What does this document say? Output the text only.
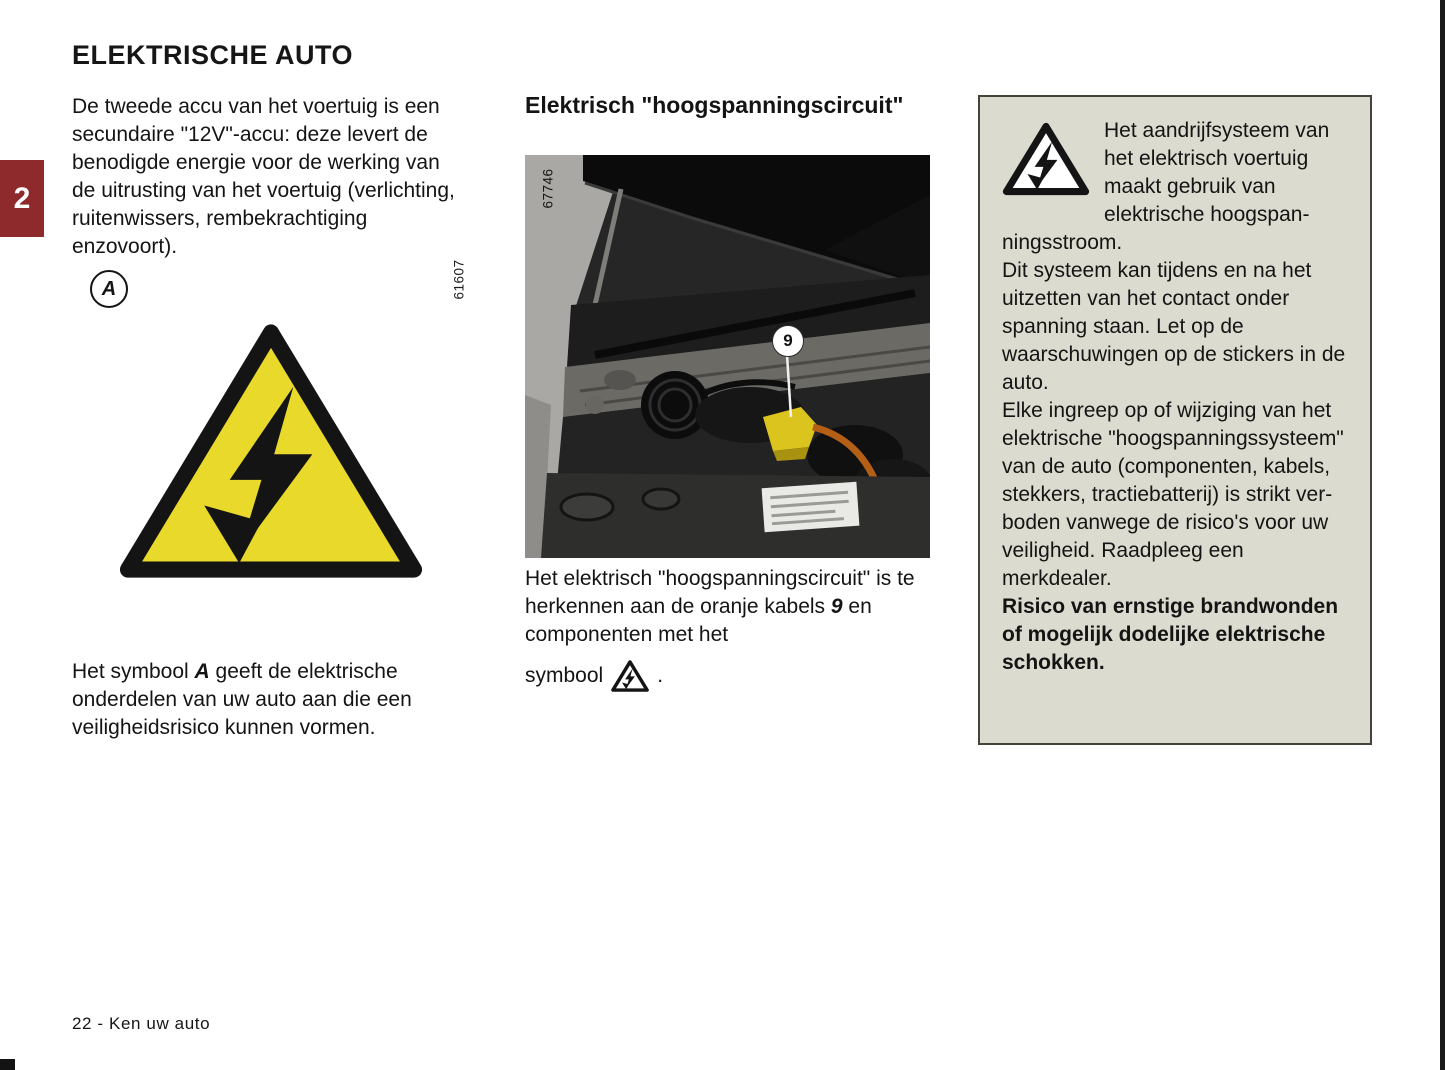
ELEKTRISCHE AUTO
2

De tweede accu van het voertuig is een secundaire "12V"-accu: deze levert de benodigde energie voor de werking van de uitrusting van het voertuig (verlichting, ruitenwissers, rembekrachtiging enzovoort).

A	61607

Het symbool A geeft de elektrische onderdelen van uw auto aan die een veiligheidsrisico kunnen vormen.

Elektrisch "hoogspanningscircuit"
67746
9

Het elektrisch "hoogspanningscircuit" is te herkennen aan de oranje kabels 9 en componenten met het
symbool	.

Het aandrijfsysteem van het elektrisch voertuig maakt gebruik van elektrische hoogspanningsstroom.

Dit systeem kan tijdens en na het uitzetten van het contact onder spanning staan. Let op de waarschuwingen op de stickers in de auto.

Elke ingreep op of wijziging van het elektrische "hoogspanningssysteem" van de auto (componenten, kabels, stekkers, tractiebatterij) is strikt verboden vanwege de risico's voor uw veiligheid. Raadpleeg een merkdealer.

Risico van ernstige brandwonden of mogelijk dodelijke elektrische schokken.

22 - Ken uw auto
